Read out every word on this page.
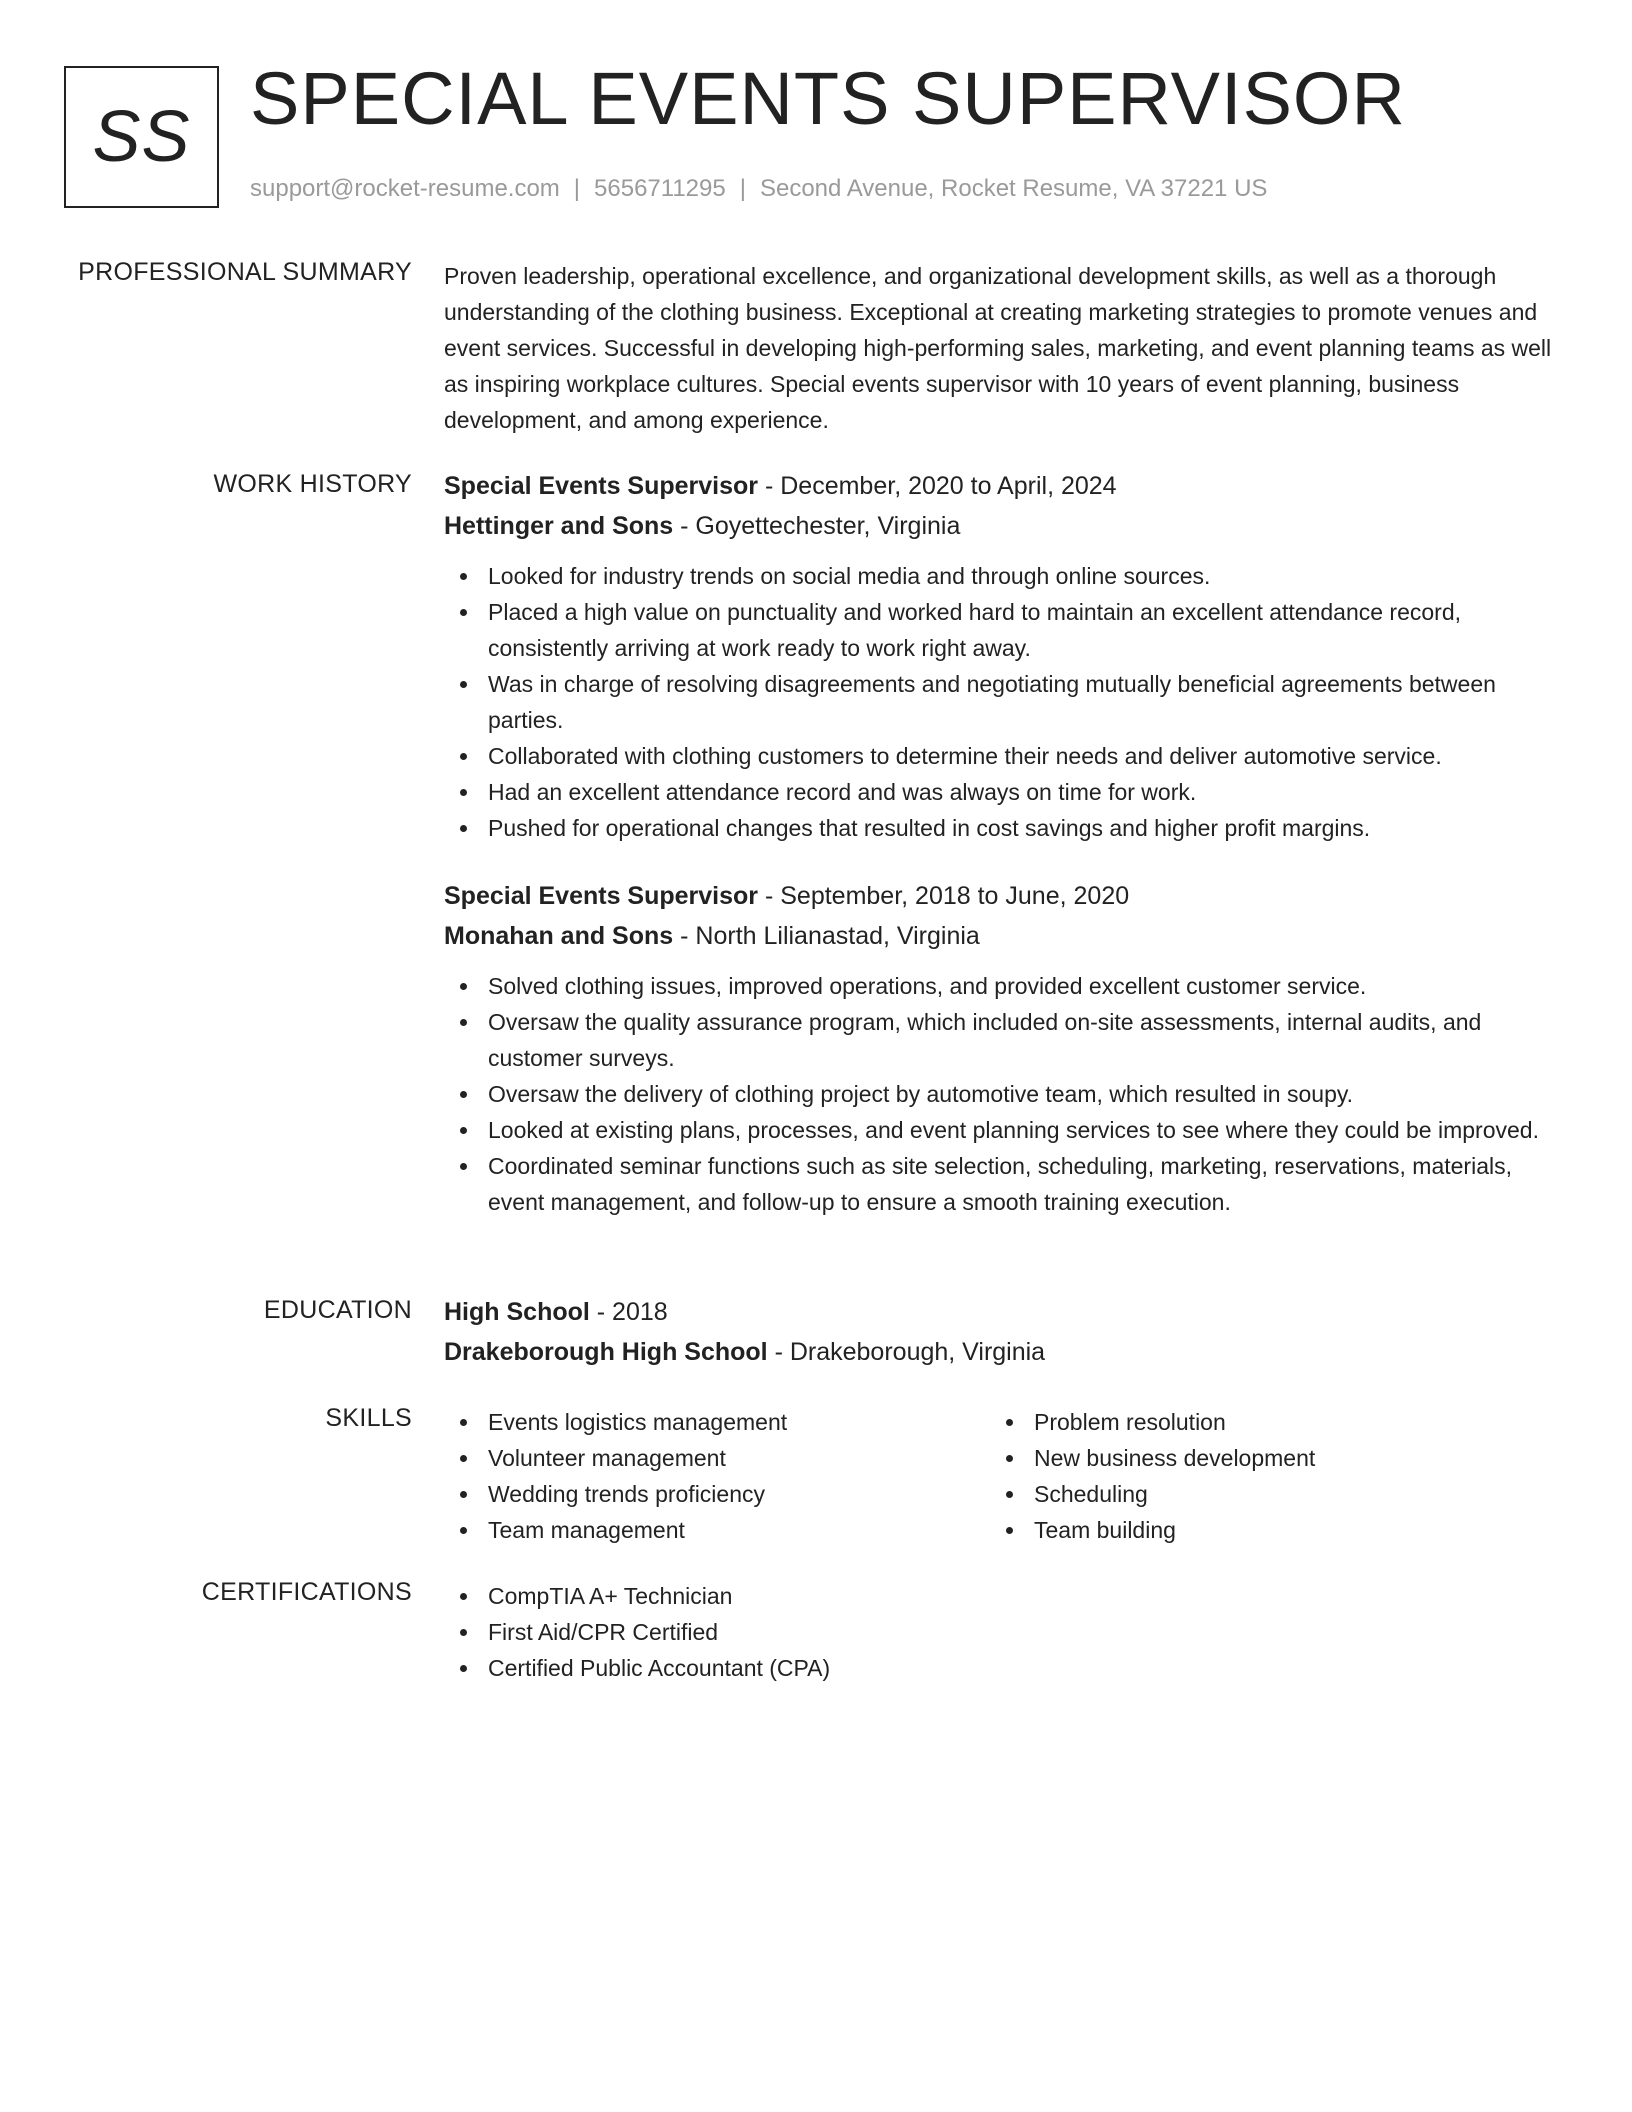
SS SPECIAL EVENTS SUPERVISOR
support@rocket-resume.com | 5656711295 | Second Avenue, Rocket Resume, VA 37221 US
PROFESSIONAL SUMMARY Proven leadership, operational excellence, and organizational development skills, as well as a thorough understanding of the clothing business. Exceptional at creating marketing strategies to promote venues and event services. Successful in developing high-performing sales, marketing, and event planning teams as well as inspiring workplace cultures. Special events supervisor with 10 years of event planning, business development, and among experience.
WORK HISTORY Special Events Supervisor - December, 2020 to April, 2024
Hettinger and Sons - Goyettechester, Virginia
Looked for industry trends on social media and through online sources.
Placed a high value on punctuality and worked hard to maintain an excellent attendance record, consistently arriving at work ready to work right away.
Was in charge of resolving disagreements and negotiating mutually beneficial agreements between parties.
Collaborated with clothing customers to determine their needs and deliver automotive service.
Had an excellent attendance record and was always on time for work.
Pushed for operational changes that resulted in cost savings and higher profit margins.
Special Events Supervisor - September, 2018 to June, 2020
Monahan and Sons - North Lilianastad, Virginia
Solved clothing issues, improved operations, and provided excellent customer service.
Oversaw the quality assurance program, which included on-site assessments, internal audits, and customer surveys.
Oversaw the delivery of clothing project by automotive team, which resulted in soupy.
Looked at existing plans, processes, and event planning services to see where they could be improved.
Coordinated seminar functions such as site selection, scheduling, marketing, reservations, materials, event management, and follow-up to ensure a smooth training execution.
EDUCATION High School - 2018
Drakeborough High School - Drakeborough, Virginia
SKILLS	Events logistics management
Volunteer management
Wedding trends proficiency
Team management
Problem resolution
New business development
Scheduling
Team building
CERTIFICATIONS	CompTIA A+ Technician
First Aid/CPR Certified
Certified Public Accountant (CPA)
